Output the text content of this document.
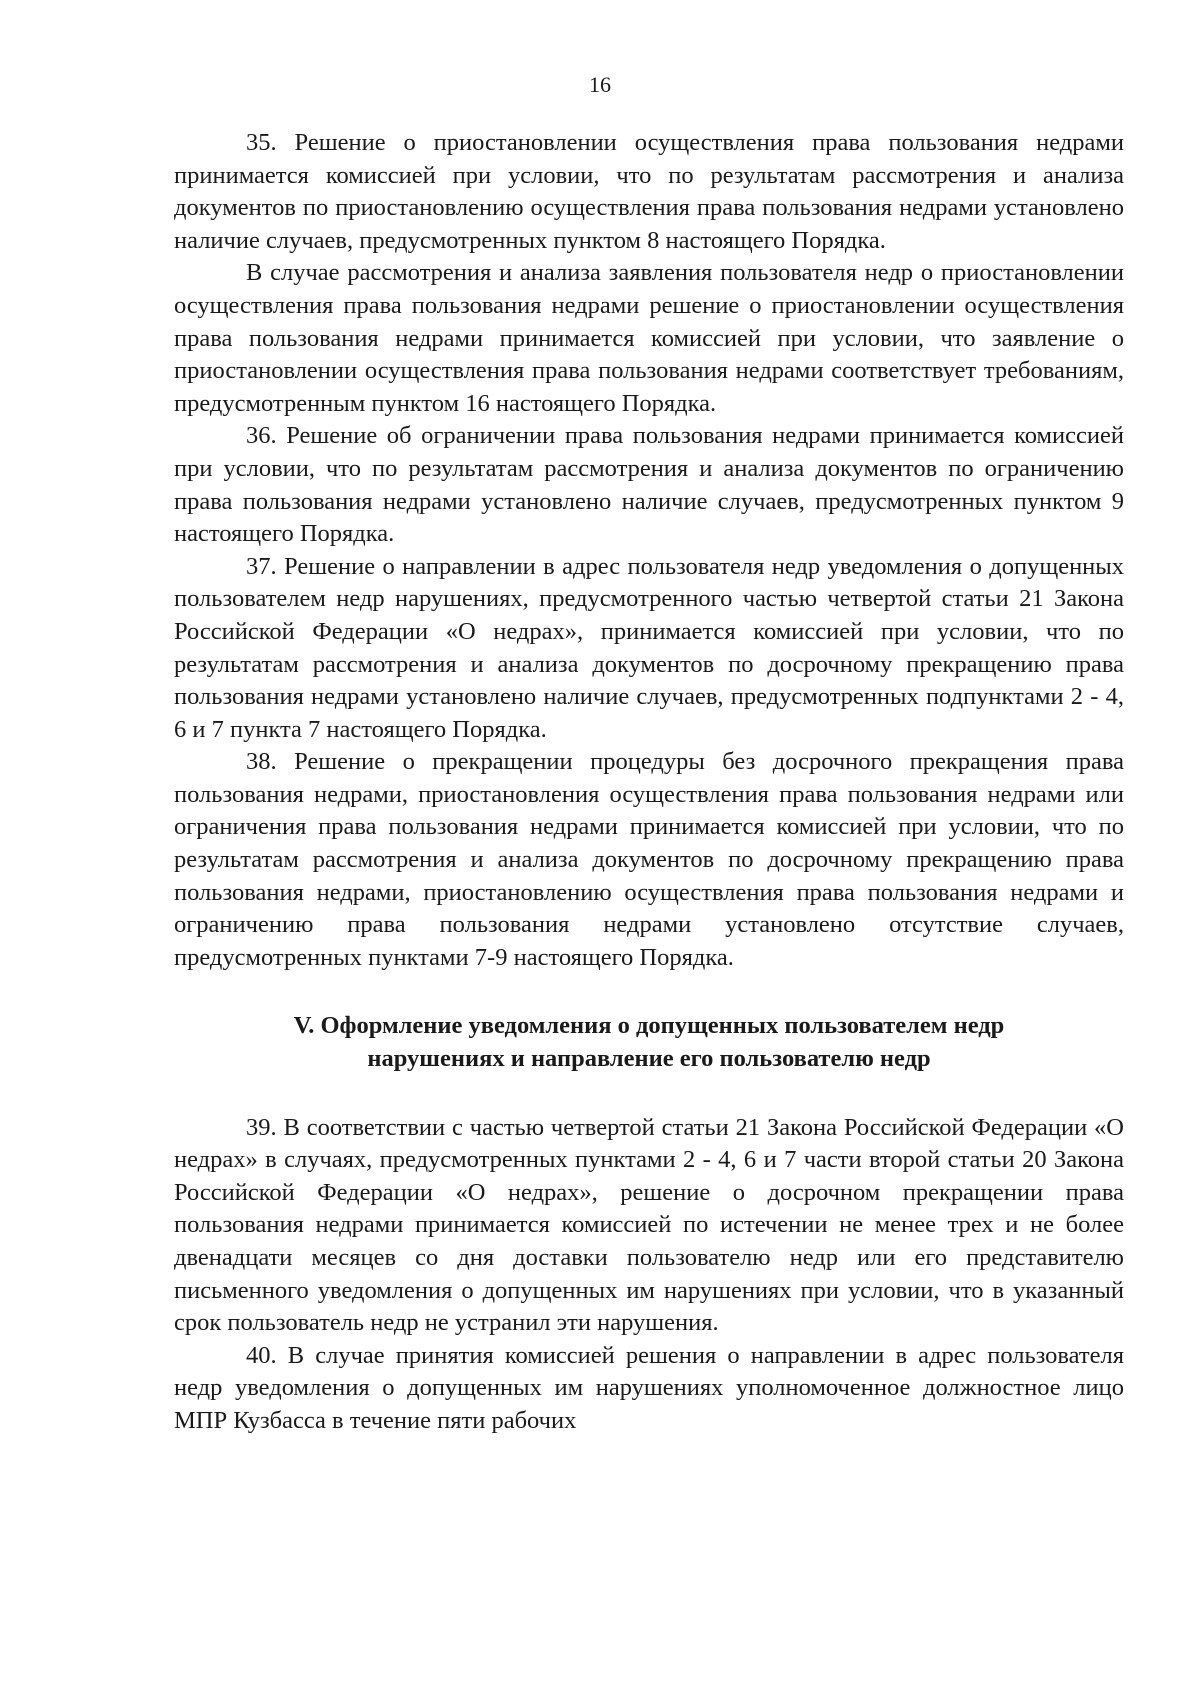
16

35. Решение о приостановлении осуществления права пользования недрами принимается комиссией при условии, что по результатам рассмотрения и анализа документов по приостановлению осуществления права пользования недрами установлено наличие случаев, предусмотренных пунктом 8 настоящего Порядка.

В случае рассмотрения и анализа заявления пользователя недр о приостановлении осуществления права пользования недрами решение о приостановлении осуществления права пользования недрами принимается комиссией при условии, что заявление о приостановлении осуществления права пользования недрами соответствует требованиям, предусмотренным пунктом 16 настоящего Порядка.

36. Решение об ограничении права пользования недрами принимается комиссией при условии, что по результатам рассмотрения и анализа документов по ограничению права пользования недрами установлено наличие случаев, предусмотренных пунктом 9 настоящего Порядка.

37. Решение о направлении в адрес пользователя недр уведомления о допущенных пользователем недр нарушениях, предусмотренного частью четвертой статьи 21 Закона Российской Федерации «О недрах», принимается комиссией при условии, что по результатам рассмотрения и анализа документов по досрочному прекращению права пользования недрами установлено наличие случаев, предусмотренных подпунктами 2 - 4, 6 и 7 пункта 7 настоящего Порядка.

38. Решение о прекращении процедуры без досрочного прекращения права пользования недрами, приостановления осуществления права пользования недрами или ограничения права пользования недрами принимается комиссией при условии, что по результатам рассмотрения и анализа документов по досрочному прекращению права пользования недрами, приостановлению осуществления права пользования недрами и ограничению права пользования недрами установлено отсутствие случаев, предусмотренных пунктами 7-9 настоящего Порядка.

V. Оформление уведомления о допущенных пользователем недр
нарушениях и направление его пользователю недр

39. В соответствии с частью четвертой статьи 21 Закона Российской Федерации «О недрах» в случаях, предусмотренных пунктами 2 - 4, 6 и 7 части второй статьи 20 Закона Российской Федерации «О недрах», решение о досрочном прекращении права пользования недрами принимается комиссией по истечении не менее трех и не более двенадцати месяцев со дня доставки пользователю недр или его представителю письменного уведомления о допущенных им нарушениях при условии, что в указанный срок пользователь недр не устранил эти нарушения.

40. В случае принятия комиссией решения о направлении в адрес пользователя недр уведомления о допущенных им нарушениях уполномоченное должностное лицо МПР Кузбасса в течение пяти рабочих
